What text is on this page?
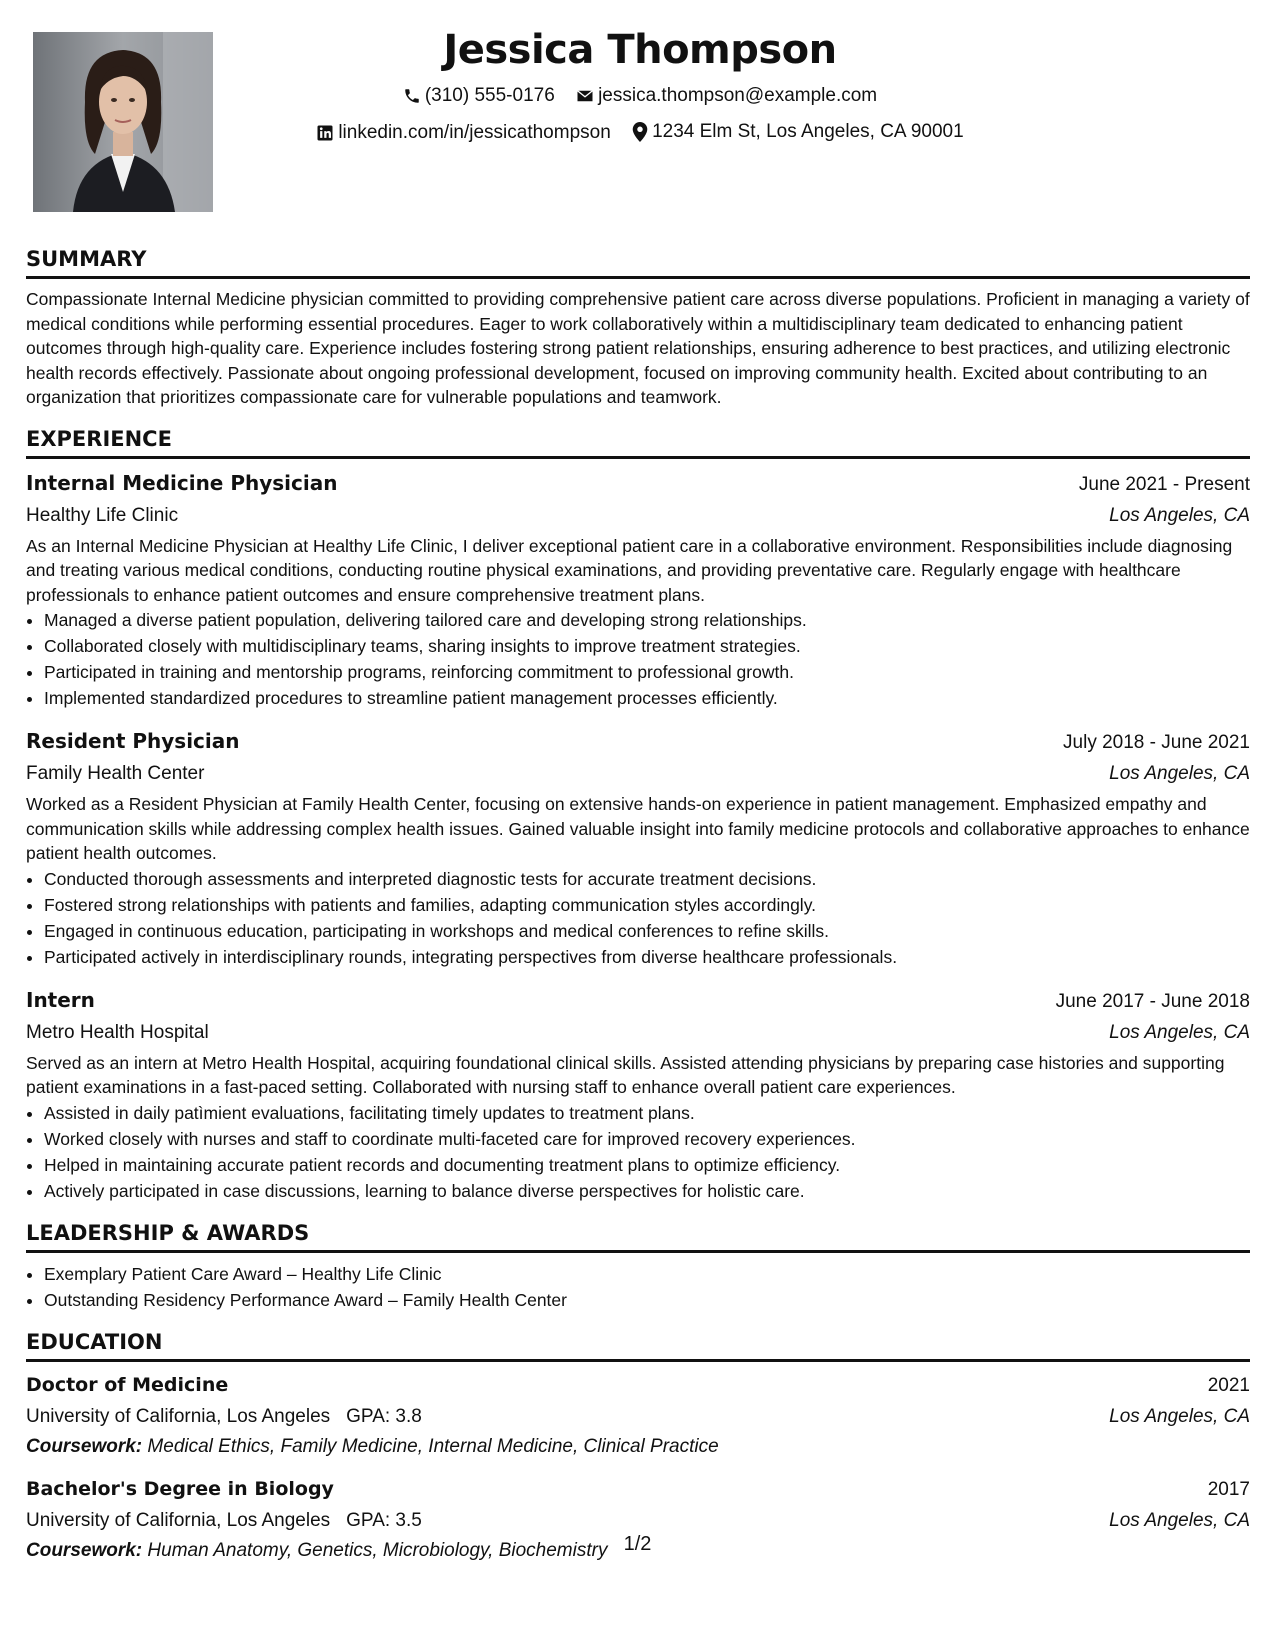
Jessica Thompson
(310) 555-0176
jessica.thompson@example.com
linkedin.com/in/jessicathompson
1234 Elm St, Los Angeles, CA 90001
SUMMARY

Compassionate Internal Medicine physician committed to providing comprehensive patient care across diverse populations. Proficient in managing a variety of medical conditions while performing essential procedures. Eager to work collaboratively within a multidisciplinary team dedicated to enhancing patient outcomes through high-quality care. Experience includes fostering strong patient relationships, ensuring adherence to best practices, and utilizing electronic health records effectively. Passionate about ongoing professional development, focused on improving community health. Excited about contributing to an organization that prioritizes compassionate care for vulnerable populations and teamwork.

EXPERIENCE
Internal Medicine Physician	June 2021 - Present
Healthy Life Clinic	Los Angeles, CA

As an Internal Medicine Physician at Healthy Life Clinic, I deliver exceptional patient care in a collaborative environment. Responsibilities include diagnosing and treating various medical conditions, conducting routine physical examinations, and providing preventative care. Regularly engage with healthcare professionals to enhance patient outcomes and ensure comprehensive treatment plans.

• Managed a diverse patient population, delivering tailored care and developing strong relationships.
• Collaborated closely with multidisciplinary teams, sharing insights to improve treatment strategies.
• Participated in training and mentorship programs, reinforcing commitment to professional growth.
• Implemented standardized procedures to streamline patient management processes efficiently.
Resident Physician	July 2018 - June 2021
Family Health Center	Los Angeles, CA

Worked as a Resident Physician at Family Health Center, focusing on extensive hands-on experience in patient management. Emphasized empathy and communication skills while addressing complex health issues. Gained valuable insight into family medicine protocols and collaborative approaches to enhance patient health outcomes.

• Conducted thorough assessments and interpreted diagnostic tests for accurate treatment decisions.
• Fostered strong relationships with patients and families, adapting communication styles accordingly.
• Engaged in continuous education, participating in workshops and medical conferences to refine skills.
• Participated actively in interdisciplinary rounds, integrating perspectives from diverse healthcare professionals.
Intern	June 2017 - June 2018
Metro Health Hospital	Los Angeles, CA

Served as an intern at Metro Health Hospital, acquiring foundational clinical skills. Assisted attending physicians by preparing case histories and supporting patient examinations in a fast-paced setting. Collaborated with nursing staff to enhance overall patient care experiences.

• Assisted in daily patìmient evaluations, facilitating timely updates to treatment plans.
• Worked closely with nurses and staff to coordinate multi-faceted care for improved recovery experiences.
• Helped in maintaining accurate patient records and documenting treatment plans to optimize efficiency.
• Actively participated in case discussions, learning to balance diverse perspectives for holistic care.
LEADERSHIP & AWARDS
• Exemplary Patient Care Award – Healthy Life Clinic
• Outstanding Residency Performance Award – Family Health Center
EDUCATION
Doctor of Medicine	2021
University of California, Los Angeles GPA: 3.8	Los Angeles, CA
Coursework: Medical Ethics, Family Medicine, Internal Medicine, Clinical Practice
Bachelor's Degree in Biology	2017
University of California, Los Angeles GPA: 3.5	Los Angeles, CA
Coursework: Human Anatomy, Genetics, Microbiology, Biochemistry 1/2
